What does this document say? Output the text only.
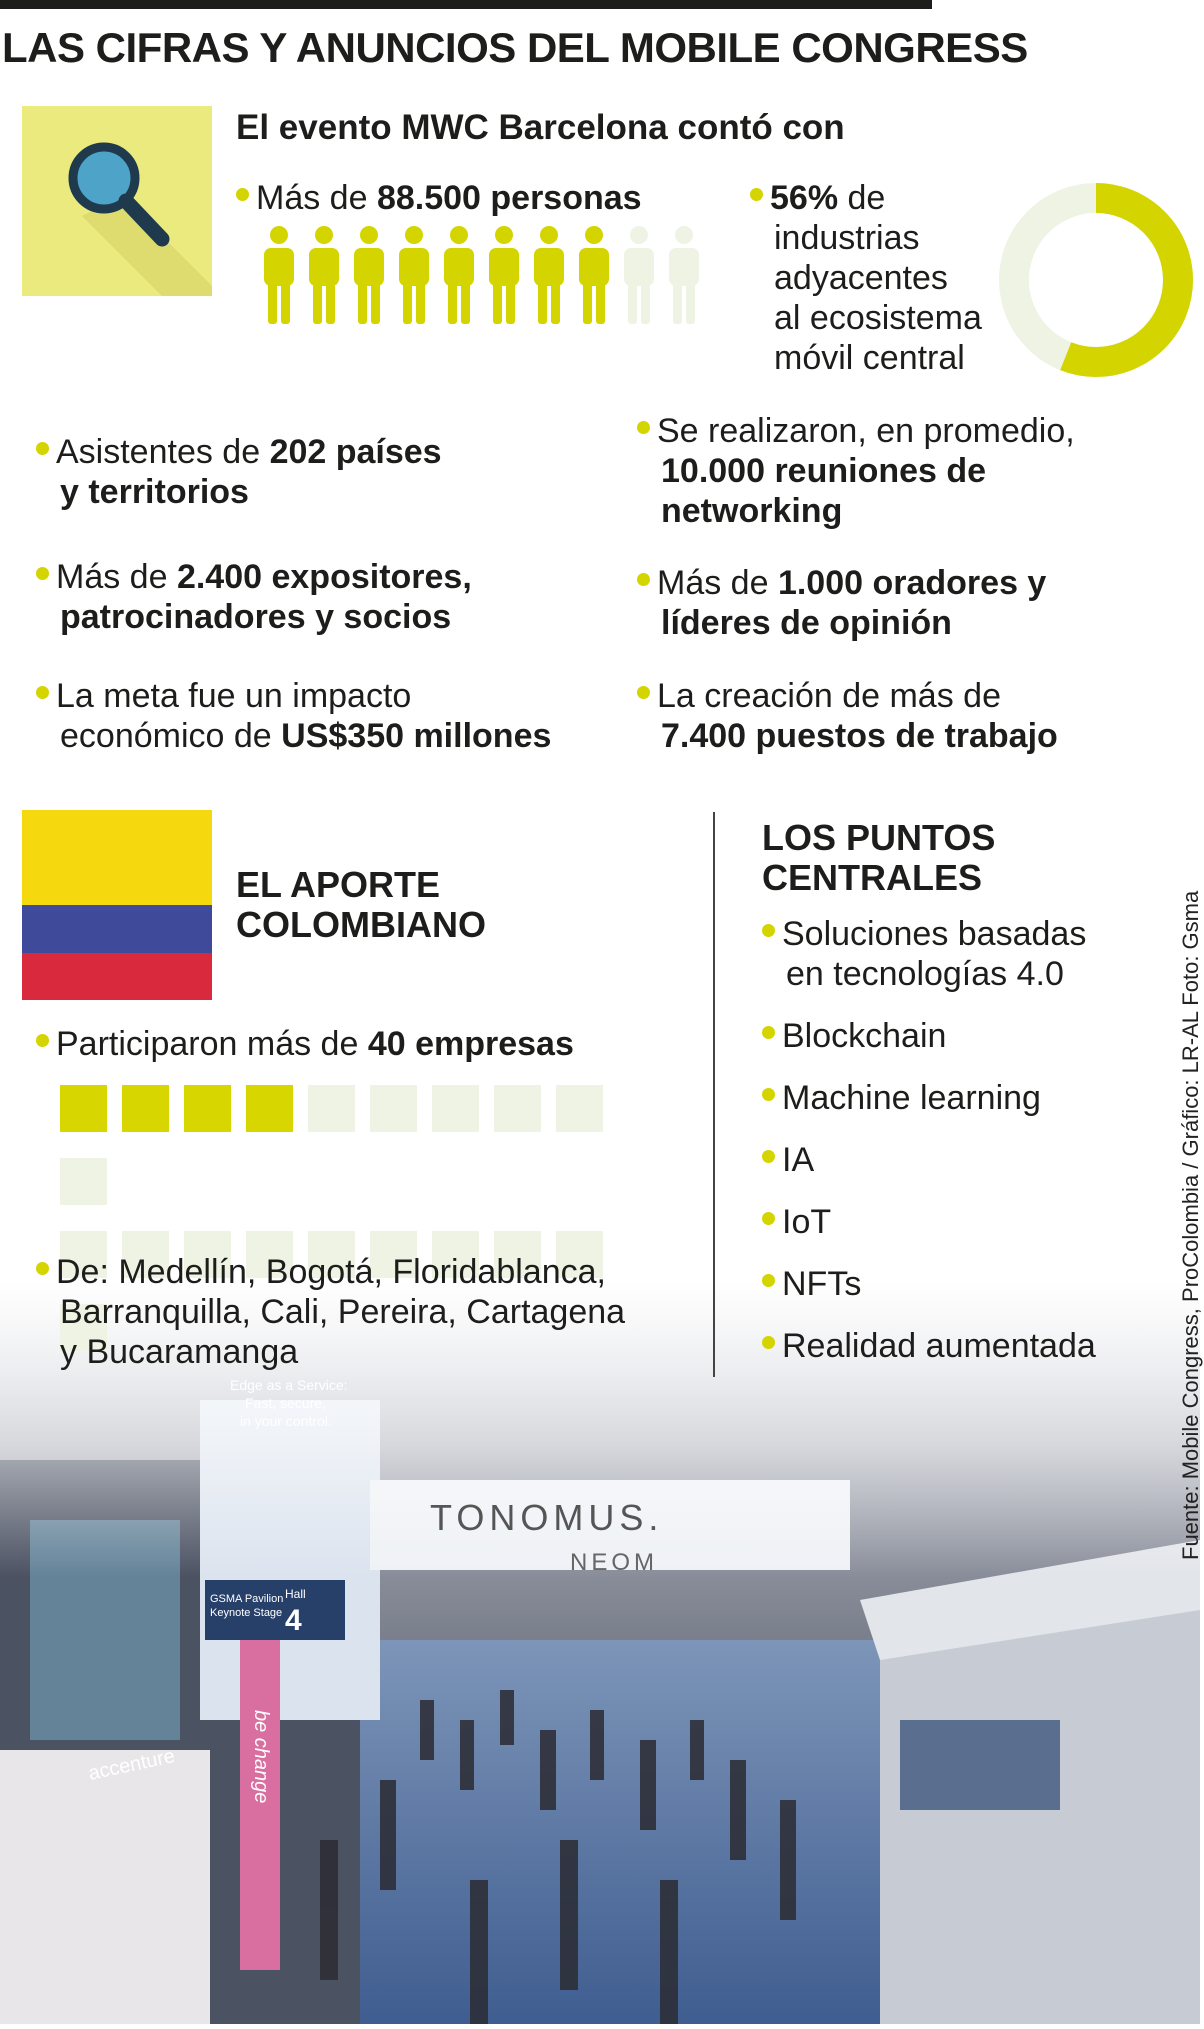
LAS CIFRAS Y ANUNCIOS DEL MOBILE CONGRESS
El evento MWC Barcelona contó con
Más de 88.500 personas	56% de
industrias
adyacentes
al ecosistema
móvil central
Asistentes de 202 países
y territorios
Más de 2.400 expositores,
patrocinadores y socios
La meta fue un impacto
económico de US$350 millones
Se realizaron, en promedio,
10.000 reuniones de
networking
Más de 1.000 oradores y
líderes de opinión
La creación de más de
7.400 puestos de trabajo
TONOMUS.
NEOM
Hall
4
GSMA Pavilion
Keynote Stage
accenture	be change
Edge as a Service:
Fast, secure,
in your control.
EL APORTE
COLOMBIANO
Participaron más de 40 empresas

De: Medellín, Bogotá, Floridablanca,
Barranquilla, Cali, Pereira, Cartagena
y Bucaramanga
LOS PUNTOS
CENTRALES
Soluciones basadas
en tecnologías 4.0
Blockchain
Machine learning
IA
IoT
NFTs
Realidad aumentada	Fuente: Mobile Congress, ProColombia / Gráfico: LR-AL Foto: Gsma
